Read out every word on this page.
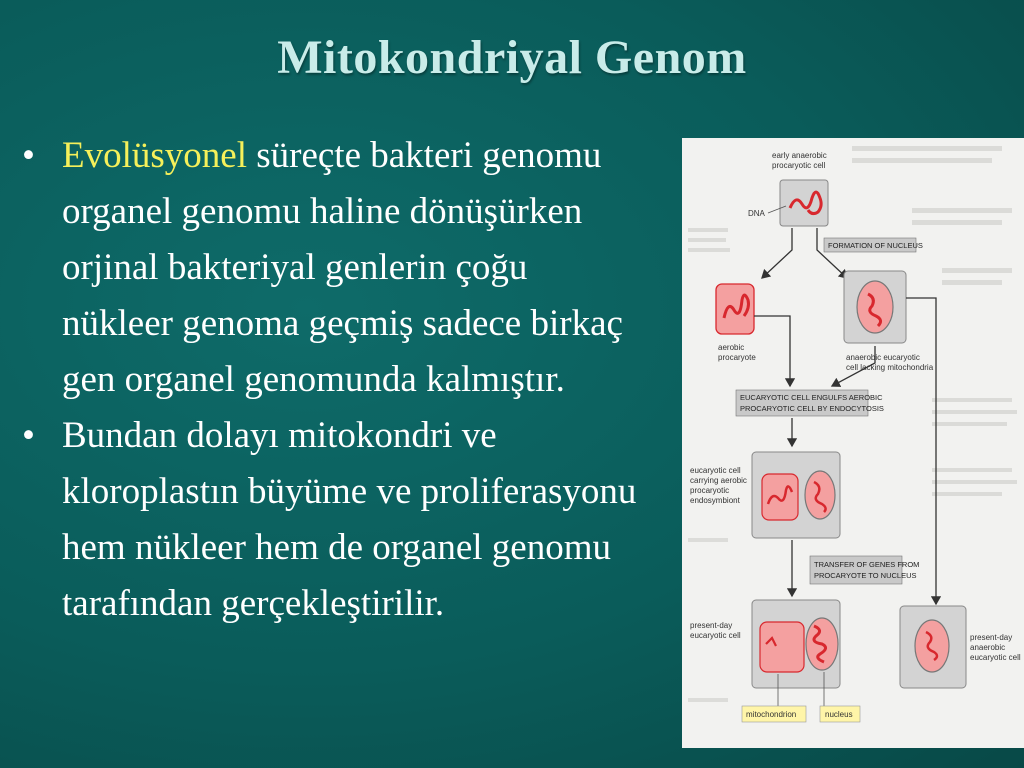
Mitokondriyal Genom
• Evolüsyonel süreçte bakteri genomu organel genomu haline dönüşürken orjinal bakteriyal genlerin çoğu nükleer genoma geçmiş sadece birkaç gen organel genomunda kalmıştır.
• Bundan dolayı mitokondri ve kloroplastın büyüme ve proliferasyonu hem nükleer hem de organel genomu tarafından gerçekleştirilir.
early anaerobic
procaryotic cell
DNA
FORMATION OF NUCLEUS
aerobic
procaryote	anaerobic eucaryotic
cell lacking mitochondria
EUCARYOTIC CELL ENGULFS AEROBIC
PROCARYOTIC CELL BY ENDOCYTOSIS
eucaryotic cell
carrying aerobic
procaryotic
endosymbiont
TRANSFER OF GENES FROM
PROCARYOTE TO NUCLEUS
present-day
eucaryotic cell	present-day
anaerobic
eucaryotic cell
mitochondrion	nucleus
